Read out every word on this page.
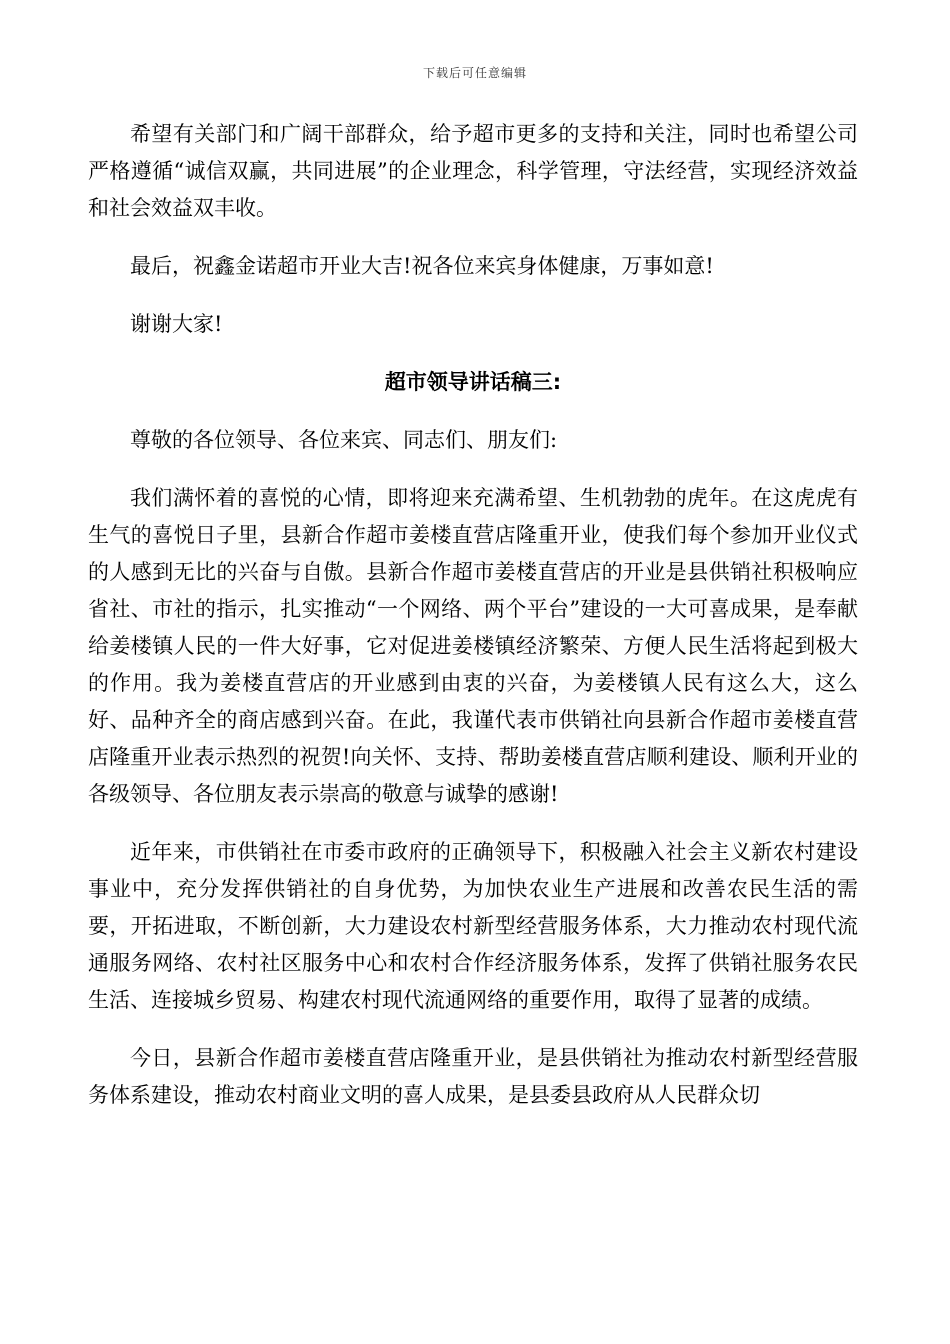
下载后可任意编辑

希望有关部门和广阔干部群众，给予超市更多的支持和关注，同时也希望公司严格遵循“诚信双赢，共同进展”的企业理念，科学管理，守法经营，实现经济效益和社会效益双丰收。

最后，祝鑫金诺超市开业大吉!祝各位来宾身体健康，万事如意!

谢谢大家!

超市领导讲话稿三:

尊敬的各位领导、各位来宾、同志们、朋友们:

我们满怀着的喜悦的心情，即将迎来充满希望、生机勃勃的虎年。在这虎虎有生气的喜悦日子里，县新合作超市姜楼直营店隆重开业，使我们每个参加开业仪式的人感到无比的兴奋与自傲。县新合作超市姜楼直营店的开业是县供销社积极响应省社、市社的指示，扎实推动“一个网络、两个平台”建设的一大可喜成果，是奉献给姜楼镇人民的一件大好事，它对促进姜楼镇经济繁荣、方便人民生活将起到极大的作用。我为姜楼直营店的开业感到由衷的兴奋，为姜楼镇人民有这么大，这么好、品种齐全的商店感到兴奋。在此，我谨代表市供销社向县新合作超市姜楼直营店隆重开业表示热烈的祝贺!向关怀、支持、帮助姜楼直营店顺利建设、顺利开业的各级领导、各位朋友表示崇高的敬意与诚挚的感谢!

近年来，市供销社在市委市政府的正确领导下，积极融入社会主义新农村建设事业中，充分发挥供销社的自身优势，为加快农业生产进展和改善农民生活的需要，开拓进取，不断创新，大力建设农村新型经营服务体系，大力推动农村现代流通服务网络、农村社区服务中心和农村合作经济服务体系，发挥了供销社服务农民生活、连接城乡贸易、构建农村现代流通网络的重要作用，取得了显著的成绩。

今日，县新合作超市姜楼直营店隆重开业，是县供销社为推动农村新型经营服务体系建设，推动农村商业文明的喜人成果，是县委县政府从人民群众切
